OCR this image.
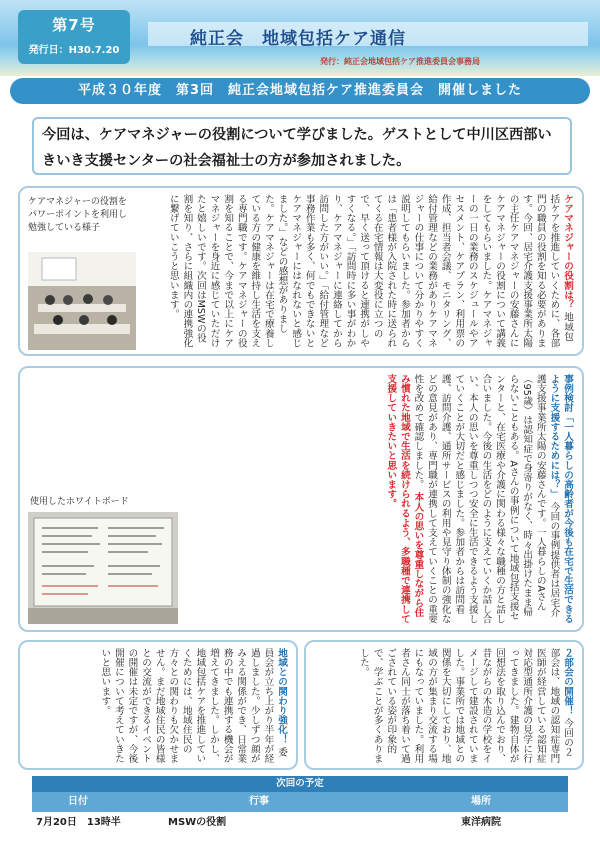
第7号
発行日：H30.7.20
純正会　地域包括ケア通信
発行：純正会地域包括ケア推進委員会事務局
平成３０年度　第3回　純正会地域包括ケア推進委員会　開催しました
今回は、ケアマネジャーの役割について学びました。ゲストとして中川区西部いきいき支援センターの社会福祉士の方が参加されました。
ケアマネジャーの役割は？ 地域包括ケアを推進していくために、各部門の職員の役割を知る必要があります。今回、居宅介護支援事業所太陽の主任ケアマネジャーの安藤さんにケアマネジャーの役割について講義をしてもらいました。ケアマネジャーの一日の業務のスケジュールやアセスメント、ケアプラン、利用票の作成、担当者会議、モニタリング、給付管理などの業務がありケアマネジャーの仕事について分かりやすく説明してもらいました。参加者からは「患者様が入院された時に送られてくる在宅情報は大変役に立つので、早く送って頂けると連携がしやすくなる。」「訪問時に多い事がわかり、ケアマネジャーに連絡してから訪問した方がいい。」「給付管理など事務作業も多く、何でもできないとケアマネジャーにはなれないと感じました。」などの感想がありました。ケアマネジャーは在宅で療養している方の健康を維持し生活を支える専門職です。ケアマネジャーの役割を知ることで、今まで以上にケアマネジャーを身近に感じていただけたと嬉しいです。次回はMSWの役割を知り、さらに組織内の連携強化に繋げていこうと思います。
ケアマネジャーの役割をパワーポイントを利用し勉強している様子
事例検討「一人暮らしの高齢者が今後も在宅で生活できるように支援するためには？」 今回の事例提供者は居宅介護支援事業所太陽の安藤さんです。一人暮らしのAさん（95歳）は認知症で身寄りがなく、時々出掛けたまま帰らないこともある。Aさんの事例について地域包括支援センターと、在宅医療や介護に関わる様々な職種の方と話し合いました。今後の生活をどのように支えていくか話し合い、本人の思いを尊重しつつ安全に生活できるよう支援していくことが大切だと感じました。参加者からは訪問看護、訪問介護、通所サービスの利用や見守り体制の強化などの意見があり、専門職が連携して支えていくことの重要性を改めて確認しました。 本人の思いを尊重しながら住み慣れた地域で生活を続けられるよう、多職種で連携して支援していきたいと思います。
使用したホワイトボード
地域との関わり強化！ 委員会が立ち上がり半年が経過しました。少しずつ顔がみえる関係ができ、日常業務の中でも連携する機会が増えてきました。しかし、地域包括ケアを推進していくためには、地域住民の方々との関わりも欠かせません。まだ地域住民の皆様との交流ができるイベントの開催は未定ですが、今後開催について考えていきたいと思います。	２部会の開催！ 今回の２部会は、地域の認知症専門医師が経営している認知症対応型通所介護の見学に行ってきました。建物自体が回想法を取り込んでおり、昔ながらの木造の学校をイメージして建設されていました。事業所では地域との関係を大切にしており、地域の方が集まり交流する場にもなっていました。利用者さん同士が落ち着いて過ごされている姿が印象的で、学ぶことが多くありました。
次回の予定
日付	行事	場所
7月20日　13時半	MSWの役割	東洋病院
